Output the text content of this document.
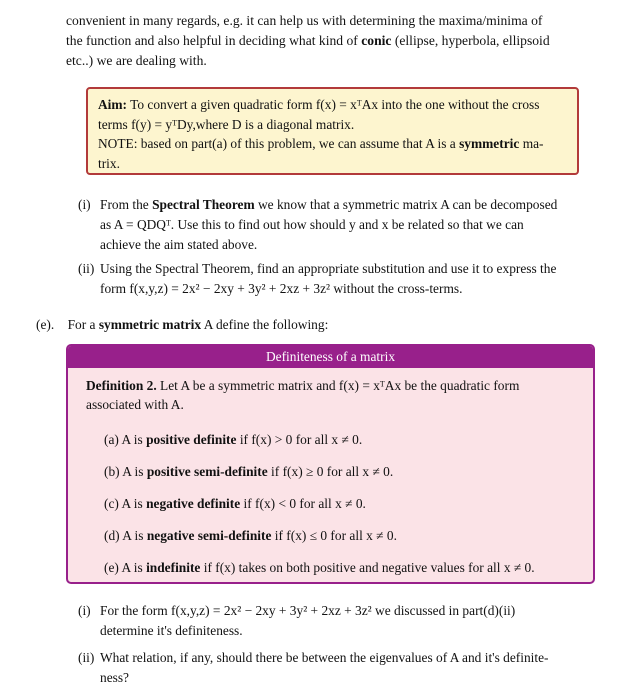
convenient in many regards, e.g. it can help us with determining the maxima/minima of
the function and also helpful in deciding what kind of conic (ellipse, hyperbola, ellipsoid
etc..) we are dealing with.
Aim: To convert a given quadratic form f(x) = xᵀAx into the one without the cross
terms f(y) = yᵀDy,where D is a diagonal matrix.
NOTE: based on part(a) of this problem, we can assume that A is a symmetric ma-
trix.
(i) From the Spectral Theorem we know that a symmetric matrix A can be decomposed
as A = QDQᵀ. Use this to find out how should y and x be related so that we can
achieve the aim stated above.
(ii) Using the Spectral Theorem, find an appropriate substitution and use it to express the
form f(x,y,z) = 2x² − 2xy + 3y² + 2xz + 3z² without the cross-terms.
(e). For a symmetric matrix A define the following:
Definiteness of a matrix
Definition 2. Let A be a symmetric matrix and f(x) = xᵀAx be the quadratic form
associated with A.
(a) A is positive definite if f(x) > 0 for all x ≠ 0.
(b) A is positive semi-definite if f(x) ≥ 0 for all x ≠ 0.
(c) A is negative definite if f(x) < 0 for all x ≠ 0.
(d) A is negative semi-definite if f(x) ≤ 0 for all x ≠ 0.
(e) A is indefinite if f(x) takes on both positive and negative values for all x ≠ 0.
(i) For the form f(x,y,z) = 2x² − 2xy + 3y² + 2xz + 3z² we discussed in part(d)(ii)
determine it's definiteness.
(ii) What relation, if any, should there be between the eigenvalues of A and it's definite-
ness?
